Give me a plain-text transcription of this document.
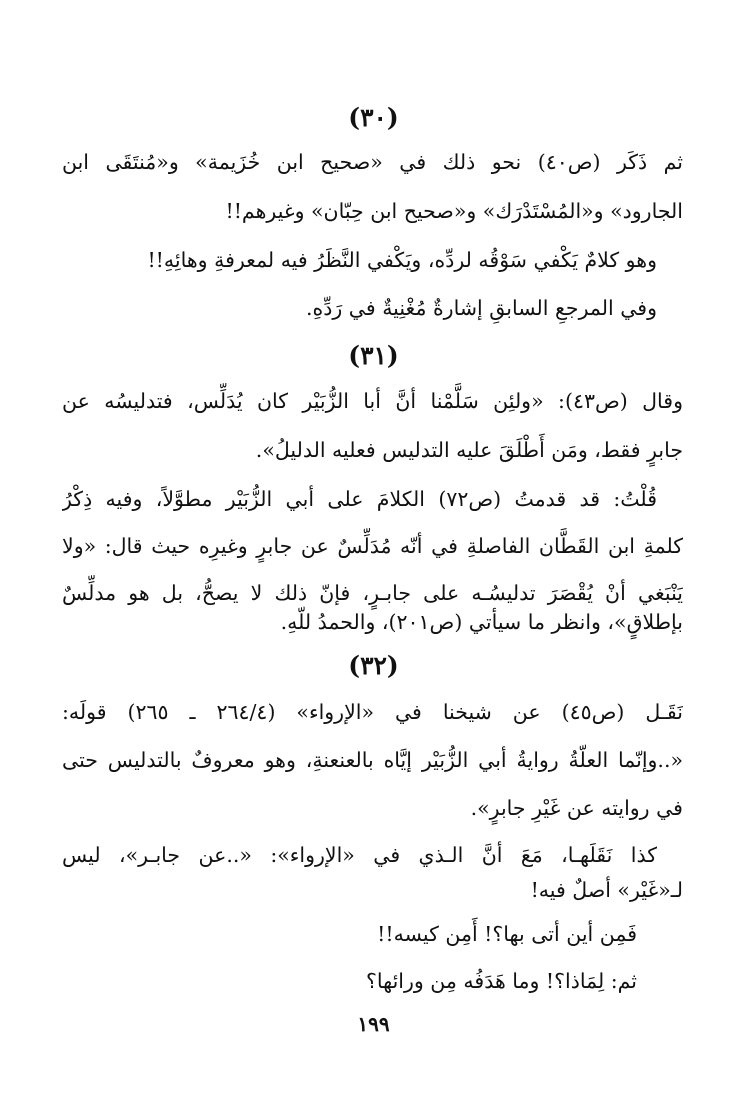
(٣٠)
ثم ذَكَر (ص٤٠) نحو ذلك في «صحيح ابن خُزَيمة» و«مُنتَقَى ابن
الجارود» و«المُسْتَدْرَك» و«صحيح ابن حِبّان» وغيرهم!!
وهو كلامٌ يَكْفي سَوْقُه لردِّه، ويَكْفي النَّظَرُ فيه لمعرفةِ وهائِهِ!!
وفي المرجعِ السابقِ إشارةٌ مُغْنِيةٌ في رَدِّهِ.
(٣١)
وقال (ص٤٣): «ولئِن سَلَّمْنا أنَّ أبا الزُّبَيْر كان يُدَلِّس، فتدليسُه عن
جابرٍ فقط، ومَن أَطْلَقَ عليه التدليس فعليه الدليلُ».
قُلْتُ: قد قدمتُ (ص٧٢) الكلامَ على أبي الزُّبَيْر مطوَّلاً، وفيه ذِكْرُ
كلمةِ ابن القَطَّان الفاصلةِ في أنّه مُدَلِّسٌ عن جابرٍ وغيرِه حيث قال: «ولا
يَنْبَغي أنْ يُقْصَرَ تدليسُـه على جابـرٍ، فإنّ ذلك لا يصحُّ، بل هو مدلِّسٌ
بإطلاقٍ»، وانظر ما سيأتي (ص٢٠١)، والحمدُ للّهِ.
(٣٢)
نَقَـل (ص٤٥) عن شيخنا في «الإرواء» (٢٦٤/٤ ـ ٢٦٥) قولَه:
«..وإنّما العلّةُ روايةُ أبي الزُّبَيْر إيَّاه بالعنعنةِ، وهو معروفٌ بالتدليس حتى
في روايته عن غَيْرِ جابرٍ».
كذا نَقَلَهـا، مَعَ أنَّ الـذي في «الإرواء»: «..عن جابـر»، ليس
لـ«غَيْر» أصلٌ فيه!
فَمِن أين أتى بها؟! أَمِن كيسه!!
ثم: لِمَاذا؟! وما هَدَفُه مِن ورائها؟
١٩٩
